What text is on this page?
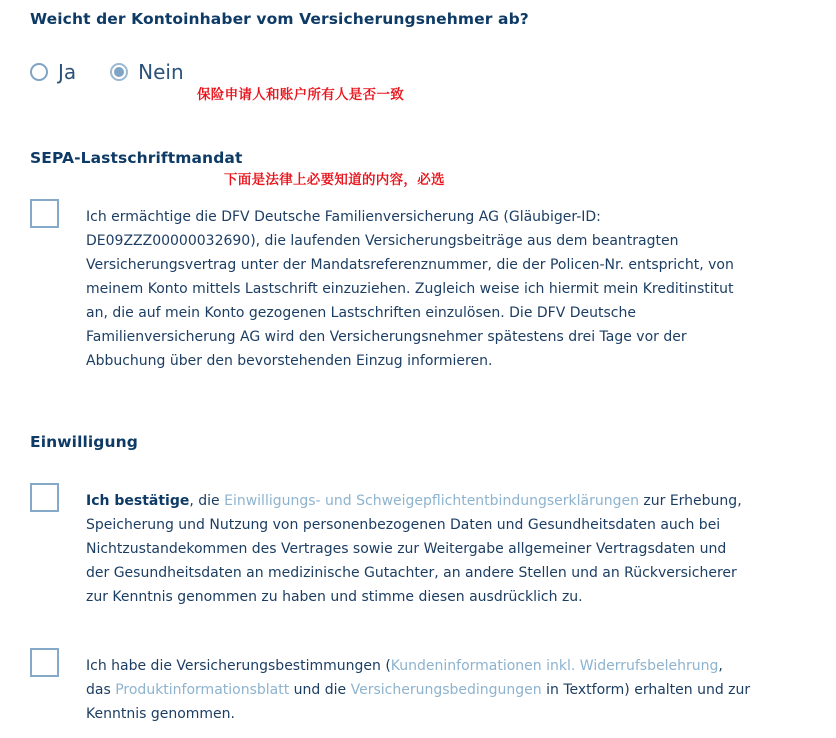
Weicht der Kontoinhaber vom Versicherungsnehmer ab?
Ja	Nein
保险申请人和账户所有人是否一致
SEPA-Lastschriftmandat
下面是法律上必要知道的内容，必选

Ich ermächtige die DFV Deutsche Familienversicherung AG (Gläubiger-ID: DE09ZZZ00000032690), die laufenden Versicherungsbeiträge aus dem beantragten Versicherungsvertrag unter der Mandatsreferenznummer, die der Policen-Nr. entspricht, von meinem Konto mittels Lastschrift einzuziehen. Zugleich weise ich hiermit mein Kreditinstitut an, die auf mein Konto gezogenen Lastschriften einzulösen. Die DFV Deutsche Familienversicherung AG wird den Versicherungsnehmer spätestens drei Tage vor der Abbuchung über den bevorstehenden Einzug informieren.

Einwilligung

Ich bestätige, die Einwilligungs- und Schweigepflichtentbindungserklärungen zur Erhebung, Speicherung und Nutzung von personenbezogenen Daten und Gesundheitsdaten auch bei Nichtzustandekommen des Vertrages sowie zur Weitergabe allgemeiner Vertragsdaten und der Gesundheitsdaten an medizinische Gutachter, an andere Stellen und an Rückversicherer zur Kenntnis genommen zu haben und stimme diesen ausdrücklich zu.

Ich habe die Versicherungsbestimmungen (Kundeninformationen inkl. Widerrufsbelehrung, das Produktinformationsblatt und die Versicherungsbedingungen in Textform) erhalten und zur Kenntnis genommen.
